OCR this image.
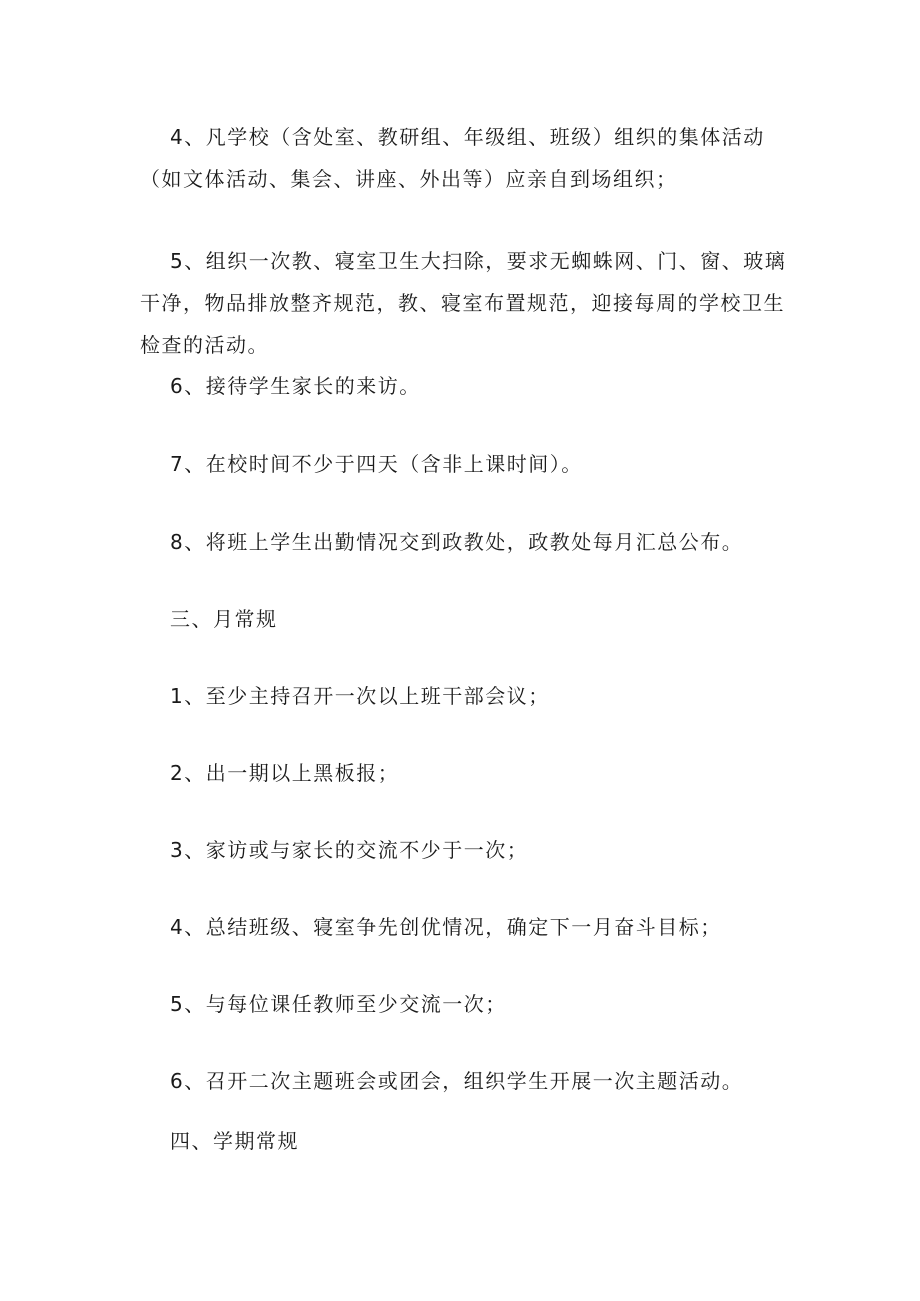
4、凡学校（含处室、教研组、年级组、班级）组织的集体活动（如文体活动、集会、讲座、外出等）应亲自到场组织；

5、组织一次教、寝室卫生大扫除，要求无蜘蛛网、门、窗、玻璃干净，物品排放整齐规范，教、寝室布置规范，迎接每周的学校卫生检查的活动。

6、接待学生家长的来访。

7、在校时间不少于四天（含非上课时间）。

8、将班上学生出勤情况交到政教处，政教处每月汇总公布。

三、月常规

1、至少主持召开一次以上班干部会议；

2、出一期以上黑板报；

3、家访或与家长的交流不少于一次；

4、总结班级、寝室争先创优情况，确定下一月奋斗目标；

5、与每位课任教师至少交流一次；

6、召开二次主题班会或团会，组织学生开展一次主题活动。

四、学期常规
